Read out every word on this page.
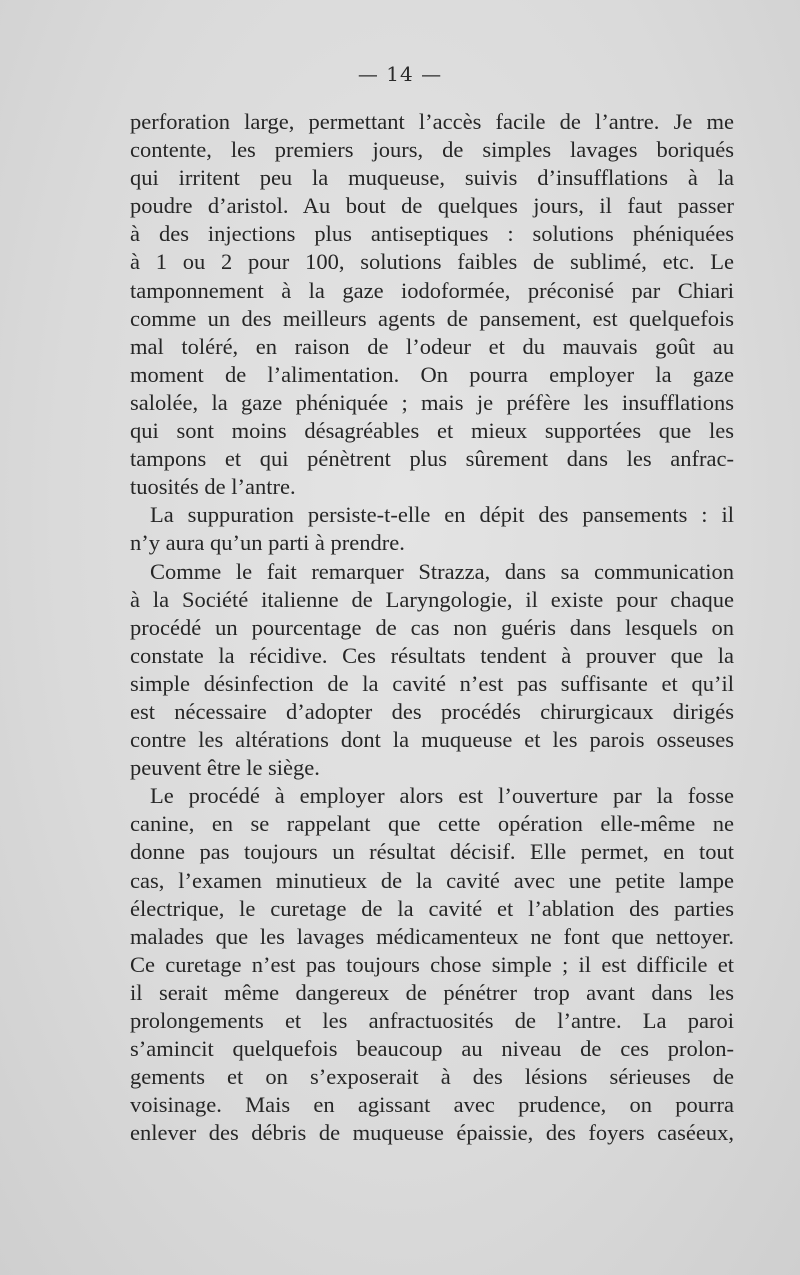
— 14 —
perforation large, permettant l’accès facile de l’antre. Je me
contente, les premiers jours, de simples lavages boriqués
qui irritent peu la muqueuse, suivis d’insufflations à la
poudre d’aristol. Au bout de quelques jours, il faut passer
à des injections plus antiseptiques : solutions phéniquées
à 1 ou 2 pour 100, solutions faibles de sublimé, etc. Le
tamponnement à la gaze iodoformée, préconisé par Chiari
comme un des meilleurs agents de pansement, est quelquefois
mal toléré, en raison de l’odeur et du mauvais goût au
moment de l’alimentation. On pourra employer la gaze
salolée, la gaze phéniquée ; mais je préfère les insufflations
qui sont moins désagréables et mieux supportées que les
tampons et qui pénètrent plus sûrement dans les anfrac-
tuosités de l’antre.
La suppuration persiste-t-elle en dépit des pansements : il
n’y aura qu’un parti à prendre.
Comme le fait remarquer Strazza, dans sa communication
à la Société italienne de Laryngologie, il existe pour chaque
procédé un pourcentage de cas non guéris dans lesquels on
constate la récidive. Ces résultats tendent à prouver que la
simple désinfection de la cavité n’est pas suffisante et qu’il
est nécessaire d’adopter des procédés chirurgicaux dirigés
contre les altérations dont la muqueuse et les parois osseuses
peuvent être le siège.
Le procédé à employer alors est l’ouverture par la fosse
canine, en se rappelant que cette opération elle-même ne
donne pas toujours un résultat décisif. Elle permet, en tout
cas, l’examen minutieux de la cavité avec une petite lampe
électrique, le curetage de la cavité et l’ablation des parties
malades que les lavages médicamenteux ne font que nettoyer.
Ce curetage n’est pas toujours chose simple ; il est difficile et
il serait même dangereux de pénétrer trop avant dans les
prolongements et les anfractuosités de l’antre. La paroi
s’amincit quelquefois beaucoup au niveau de ces prolon-
gements et on s’exposerait à des lésions sérieuses de
voisinage. Mais en agissant avec prudence, on pourra
enlever des débris de muqueuse épaissie, des foyers caséeux,
